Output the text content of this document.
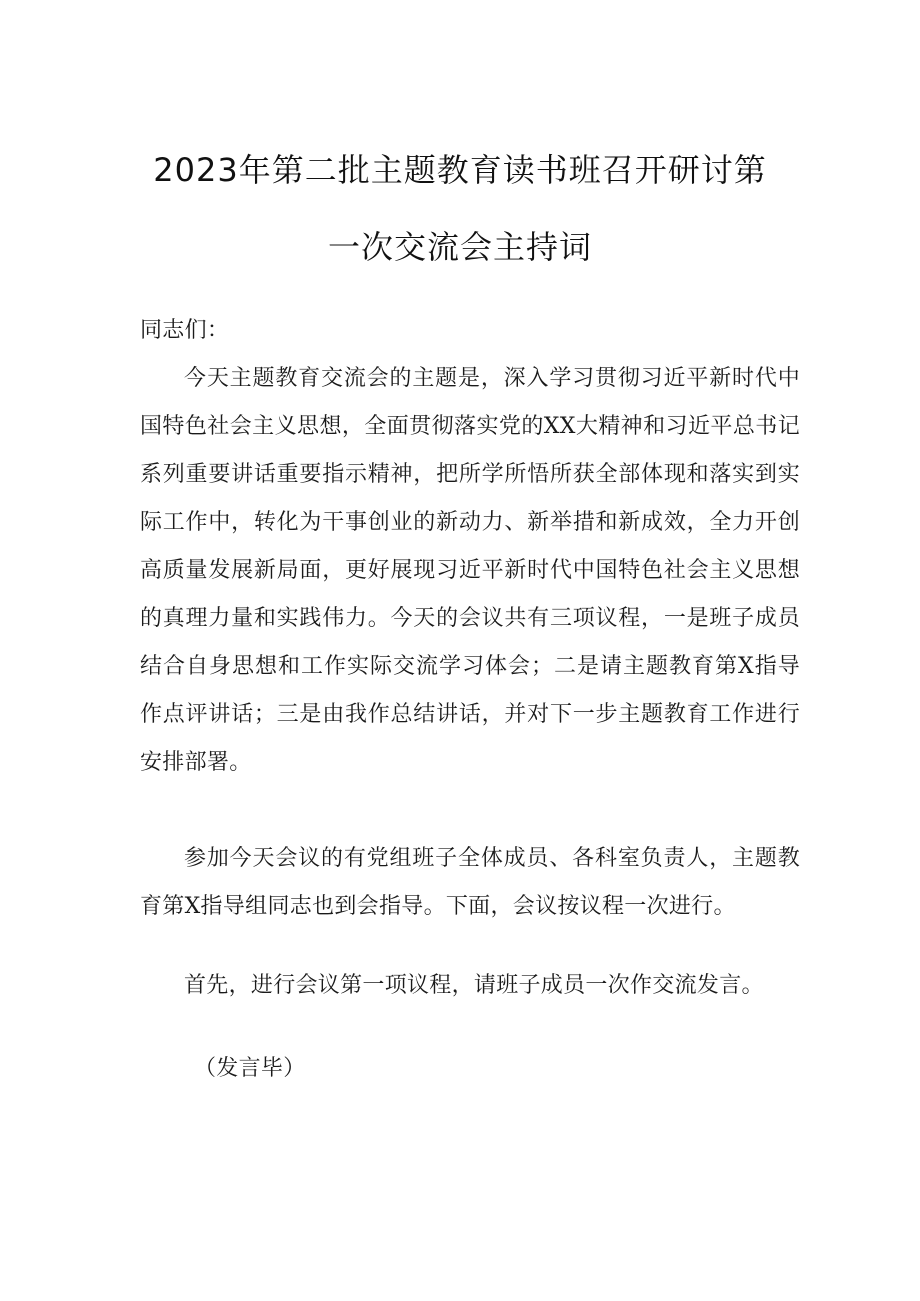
2023年第二批主题教育读书班召开研讨第
一次交流会主持词
同志们：
今天主题教育交流会的主题是，深入学习贯彻习近平新时代中国特色社会主义思想，全面贯彻落实党的XX大精神和习近平总书记系列重要讲话重要指示精神，把所学所悟所获全部体现和落实到实际工作中，转化为干事创业的新动力、新举措和新成效，全力开创高质量发展新局面，更好展现习近平新时代中国特色社会主义思想的真理力量和实践伟力。今天的会议共有三项议程，一是班子成员结合自身思想和工作实际交流学习体会；二是请主题教育第X指导作点评讲话；三是由我作总结讲话，并对下一步主题教育工作进行安排部署。
参加今天会议的有党组班子全体成员、各科室负责人，主题教育第X指导组同志也到会指导。下面，会议按议程一次进行。
首先，进行会议第一项议程，请班子成员一次作交流发言。
（发言毕）
